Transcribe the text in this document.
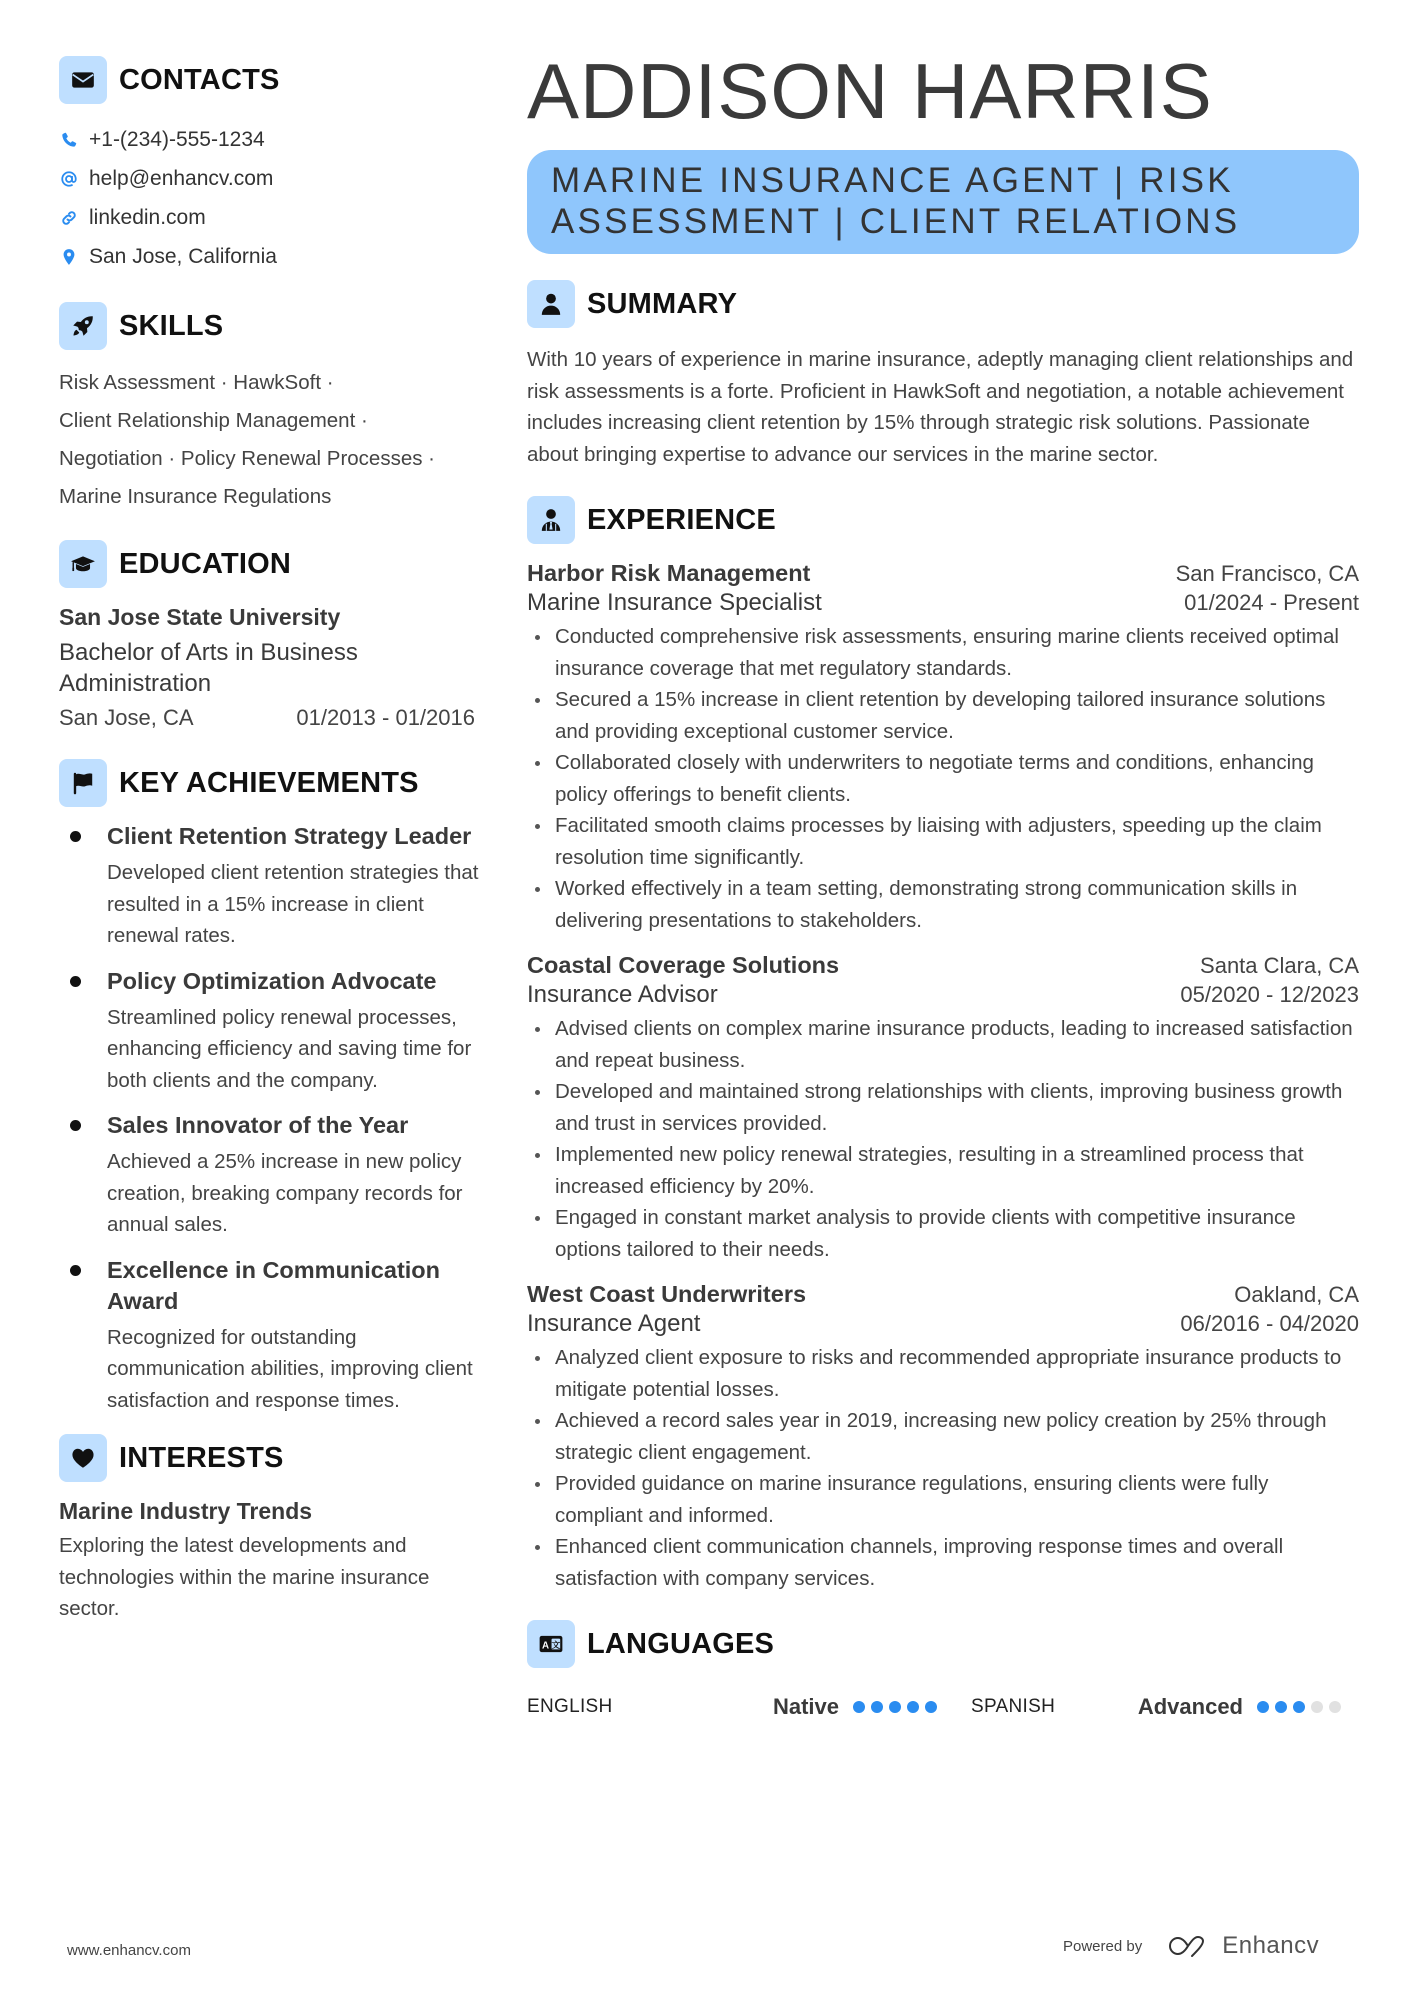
CONTACTS
+1-(234)-555-1234
help@enhancv.com
linkedin.com
San Jose, California
SKILLS
Risk Assessment · HawkSoft ·
Client Relationship Management ·
Negotiation · Policy Renewal Processes ·
Marine Insurance Regulations
EDUCATION
San Jose State University
Bachelor of Arts in Business Administration
San Jose, CA	01/2013 - 01/2016
KEY ACHIEVEMENTS
Client Retention Strategy Leader
Developed client retention strategies that resulted in a 15% increase in client renewal rates.
Policy Optimization Advocate
Streamlined policy renewal processes, enhancing efficiency and saving time for both clients and the company.
Sales Innovator of the Year
Achieved a 25% increase in new policy creation, breaking company records for annual sales.
Excellence in Communication Award
Recognized for outstanding communication abilities, improving client satisfaction and response times.
INTERESTS
Marine Industry Trends
Exploring the latest developments and technologies within the marine insurance sector.
ADDISON HARRIS
MARINE INSURANCE AGENT | RISK ASSESSMENT | CLIENT RELATIONS
SUMMARY
With 10 years of experience in marine insurance, adeptly managing client relationships and risk assessments is a forte. Proficient in HawkSoft and negotiation, a notable achievement includes increasing client retention by 15% through strategic risk solutions. Passionate about bringing expertise to advance our services in the marine sector.
EXPERIENCE
Harbor Risk Management	San Francisco, CA
Marine Insurance Specialist	01/2024 - Present
Conducted comprehensive risk assessments, ensuring marine clients received optimal insurance coverage that met regulatory standards.
Secured a 15% increase in client retention by developing tailored insurance solutions and providing exceptional customer service.
Collaborated closely with underwriters to negotiate terms and conditions, enhancing policy offerings to benefit clients.
Facilitated smooth claims processes by liaising with adjusters, speeding up the claim resolution time significantly.
Worked effectively in a team setting, demonstrating strong communication skills in delivering presentations to stakeholders.
Coastal Coverage Solutions	Santa Clara, CA
Insurance Advisor	05/2020 - 12/2023
Advised clients on complex marine insurance products, leading to increased satisfaction and repeat business.
Developed and maintained strong relationships with clients, improving business growth and trust in services provided.
Implemented new policy renewal strategies, resulting in a streamlined process that increased efficiency by 20%.
Engaged in constant market analysis to provide clients with competitive insurance options tailored to their needs.
West Coast Underwriters	Oakland, CA
Insurance Agent	06/2016 - 04/2020
Analyzed client exposure to risks and recommended appropriate insurance products to mitigate potential losses.
Achieved a record sales year in 2019, increasing new policy creation by 25% through strategic client engagement.
Provided guidance on marine insurance regulations, ensuring clients were fully compliant and informed.
Enhanced client communication channels, improving response times and overall satisfaction with company services.
A 文 LANGUAGES
ENGLISH	Native	SPANISH	Advanced
www.enhancv.com	Powered by	Enhancv
